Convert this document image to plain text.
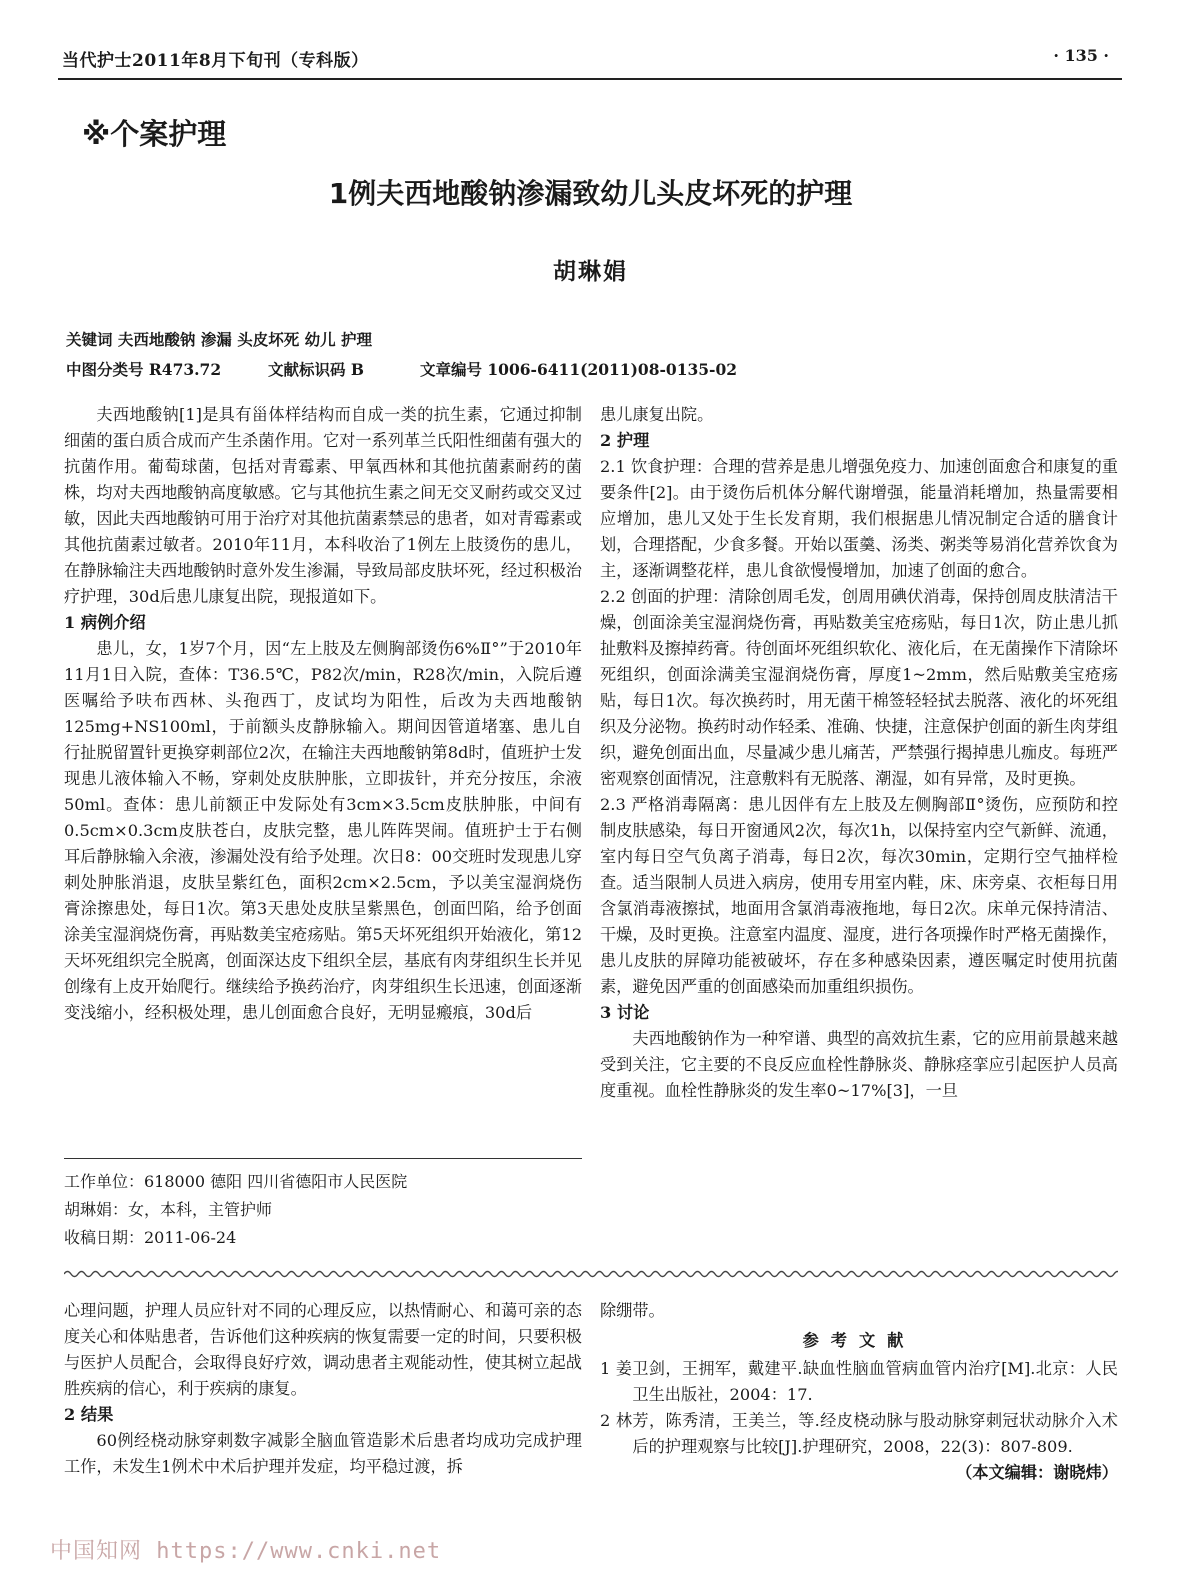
当代护士2011年8月下旬刊（专科版）	· 135 ·
※个案护理
1例夫西地酸钠渗漏致幼儿头皮坏死的护理
胡琳娟
关键词 夫西地酸钠 渗漏 头皮坏死 幼儿 护理
中图分类号 R473.72	文献标识码 B	文章编号 1006-6411(2011)08-0135-02

夫西地酸钠[1]是具有甾体样结构而自成一类的抗生素，它通过抑制细菌的蛋白质合成而产生杀菌作用。它对一系列革兰氏阳性细菌有强大的抗菌作用。葡萄球菌，包括对青霉素、甲氧西林和其他抗菌素耐药的菌株，均对夫西地酸钠高度敏感。它与其他抗生素之间无交叉耐药或交叉过敏，因此夫西地酸钠可用于治疗对其他抗菌素禁忌的患者，如对青霉素或其他抗菌素过敏者。2010年11月，本科收治了1例左上肢烫伤的患儿，在静脉输注夫西地酸钠时意外发生渗漏，导致局部皮肤坏死，经过积极治疗护理，30d后患儿康复出院，现报道如下。

1 病例介绍

患儿，女，1岁7个月，因“左上肢及左侧胸部烫伤6%Ⅱ°”于2010年11月1日入院，查体：T36.5℃，P82次/min，R28次/min，入院后遵医嘱给予呋布西林、头孢西丁，皮试均为阳性，后改为夫西地酸钠125mg+NS100ml，于前额头皮静脉输入。期间因管道堵塞、患儿自行扯脱留置针更换穿刺部位2次，在输注夫西地酸钠第8d时，值班护士发现患儿液体输入不畅，穿刺处皮肤肿胀，立即拔针，并充分按压，余液50ml。查体：患儿前额正中发际处有3cm×3.5cm皮肤肿胀，中间有0.5cm×0.3cm皮肤苍白，皮肤完整，患儿阵阵哭闹。值班护士于右侧耳后静脉输入余液，渗漏处没有给予处理。次日8：00交班时发现患儿穿刺处肿胀消退，皮肤呈紫红色，面积2cm×2.5cm，予以美宝湿润烧伤膏涂擦患处，每日1次。第3天患处皮肤呈紫黑色，创面凹陷，给予创面涂美宝湿润烧伤膏，再贴数美宝疮疡贴。第5天坏死组织开始液化，第12天坏死组织完全脱离，创面深达皮下组织全层，基底有肉芽组织生长并见创缘有上皮开始爬行。继续给予换药治疗，肉芽组织生长迅速，创面逐渐变浅缩小，经积极处理，患儿创面愈合良好，无明显瘢痕，30d后

工作单位：618000 德阳 四川省德阳市人民医院
胡琳娟：女，本科，主管护师
收稿日期：2011-06-24

患儿康复出院。

2 护理

2.1 饮食护理：合理的营养是患儿增强免疫力、加速创面愈合和康复的重要条件[2]。由于烫伤后机体分解代谢增强，能量消耗增加，热量需要相应增加，患儿又处于生长发育期，我们根据患儿情况制定合适的膳食计划，合理搭配，少食多餐。开始以蛋羹、汤类、粥类等易消化营养饮食为主，逐渐调整花样，患儿食欲慢慢增加，加速了创面的愈合。

2.2 创面的护理：清除创周毛发，创周用碘伏消毒，保持创周皮肤清洁干燥，创面涂美宝湿润烧伤膏，再贴数美宝疮疡贴，每日1次，防止患儿抓扯敷料及擦掉药膏。待创面坏死组织软化、液化后，在无菌操作下清除坏死组织，创面涂满美宝湿润烧伤膏，厚度1~2mm，然后贴敷美宝疮疡贴，每日1次。每次换药时，用无菌干棉签轻轻拭去脱落、液化的坏死组织及分泌物。换药时动作轻柔、准确、快捷，注意保护创面的新生肉芽组织，避免创面出血，尽量减少患儿痛苦，严禁强行揭掉患儿痂皮。每班严密观察创面情况，注意敷料有无脱落、潮湿，如有异常，及时更换。

2.3 严格消毒隔离：患儿因伴有左上肢及左侧胸部Ⅱ°烫伤，应预防和控制皮肤感染，每日开窗通风2次，每次1h，以保持室内空气新鲜、流通，室内每日空气负离子消毒，每日2次，每次30min，定期行空气抽样检查。适当限制人员进入病房，使用专用室内鞋，床、床旁桌、衣柜每日用含氯消毒液擦拭，地面用含氯消毒液拖地，每日2次。床单元保持清洁、干燥，及时更换。注意室内温度、湿度，进行各项操作时严格无菌操作，患儿皮肤的屏障功能被破坏，存在多种感染因素，遵医嘱定时使用抗菌素，避免因严重的创面感染而加重组织损伤。

3 讨论

夫西地酸钠作为一种窄谱、典型的高效抗生素，它的应用前景越来越受到关注，它主要的不良反应血栓性静脉炎、静脉痉挛应引起医护人员高度重视。血栓性静脉炎的发生率0~17%[3]，一旦

心理问题，护理人员应针对不同的心理反应，以热情耐心、和蔼可亲的态度关心和体贴患者，告诉他们这种疾病的恢复需要一定的时间，只要积极与医护人员配合，会取得良好疗效，调动患者主观能动性，使其树立起战胜疾病的信心，利于疾病的康复。

2 结果

60例经桡动脉穿刺数字减影全脑血管造影术后患者均成功完成护理工作，未发生1例术中术后护理并发症，均平稳过渡，拆

除绷带。

参考文献

1 姜卫剑，王拥军，戴建平.缺血性脑血管病血管内治疗[M].北京：人民卫生出版社，2004：17.

2 林芳，陈秀清，王美兰，等.经皮桡动脉与股动脉穿刺冠状动脉介入术后的护理观察与比较[J].护理研究，2008，22(3)：807-809.

（本文编辑：谢晓炜）

中国知网 https://www.cnki.net
